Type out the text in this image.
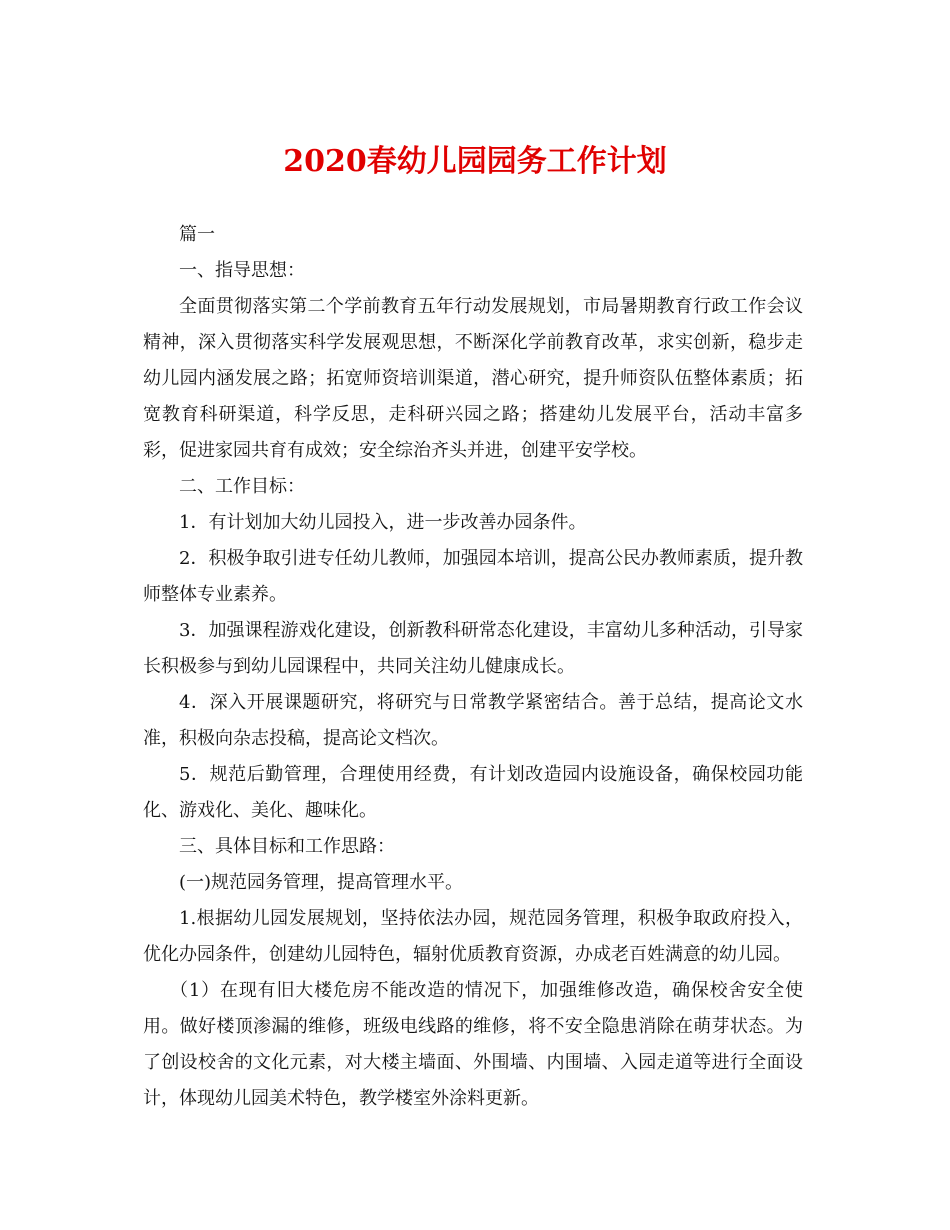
2020春幼儿园园务工作计划

篇一

一、指导思想：

全面贯彻落实第二个学前教育五年行动发展规划，市局暑期教育行政工作会议精神，深入贯彻落实科学发展观思想，不断深化学前教育改革，求实创新，稳步走幼儿园内涵发展之路；拓宽师资培训渠道，潜心研究，提升师资队伍整体素质；拓宽教育科研渠道，科学反思，走科研兴园之路；搭建幼儿发展平台，活动丰富多彩，促进家园共育有成效；安全综治齐头并进，创建平安学校。

二、工作目标：

1．有计划加大幼儿园投入，进一步改善办园条件。

2．积极争取引进专任幼儿教师，加强园本培训，提高公民办教师素质，提升教师整体专业素养。

3．加强课程游戏化建设，创新教科研常态化建设，丰富幼儿多种活动，引导家长积极参与到幼儿园课程中，共同关注幼儿健康成长。

4．深入开展课题研究，将研究与日常教学紧密结合。善于总结，提高论文水准，积极向杂志投稿，提高论文档次。

5．规范后勤管理，合理使用经费，有计划改造园内设施设备，确保校园功能化、游戏化、美化、趣味化。

三、具体目标和工作思路：

(一)规范园务管理，提高管理水平。

1.根据幼儿园发展规划，坚持依法办园，规范园务管理，积极争取政府投入，优化办园条件，创建幼儿园特色，辐射优质教育资源，办成老百姓满意的幼儿园。

（1）在现有旧大楼危房不能改造的情况下，加强维修改造，确保校舍安全使用。做好楼顶渗漏的维修，班级电线路的维修，将不安全隐患消除在萌芽状态。为了创设校舍的文化元素，对大楼主墙面、外围墙、内围墙、入园走道等进行全面设计，体现幼儿园美术特色，教学楼室外涂料更新。
